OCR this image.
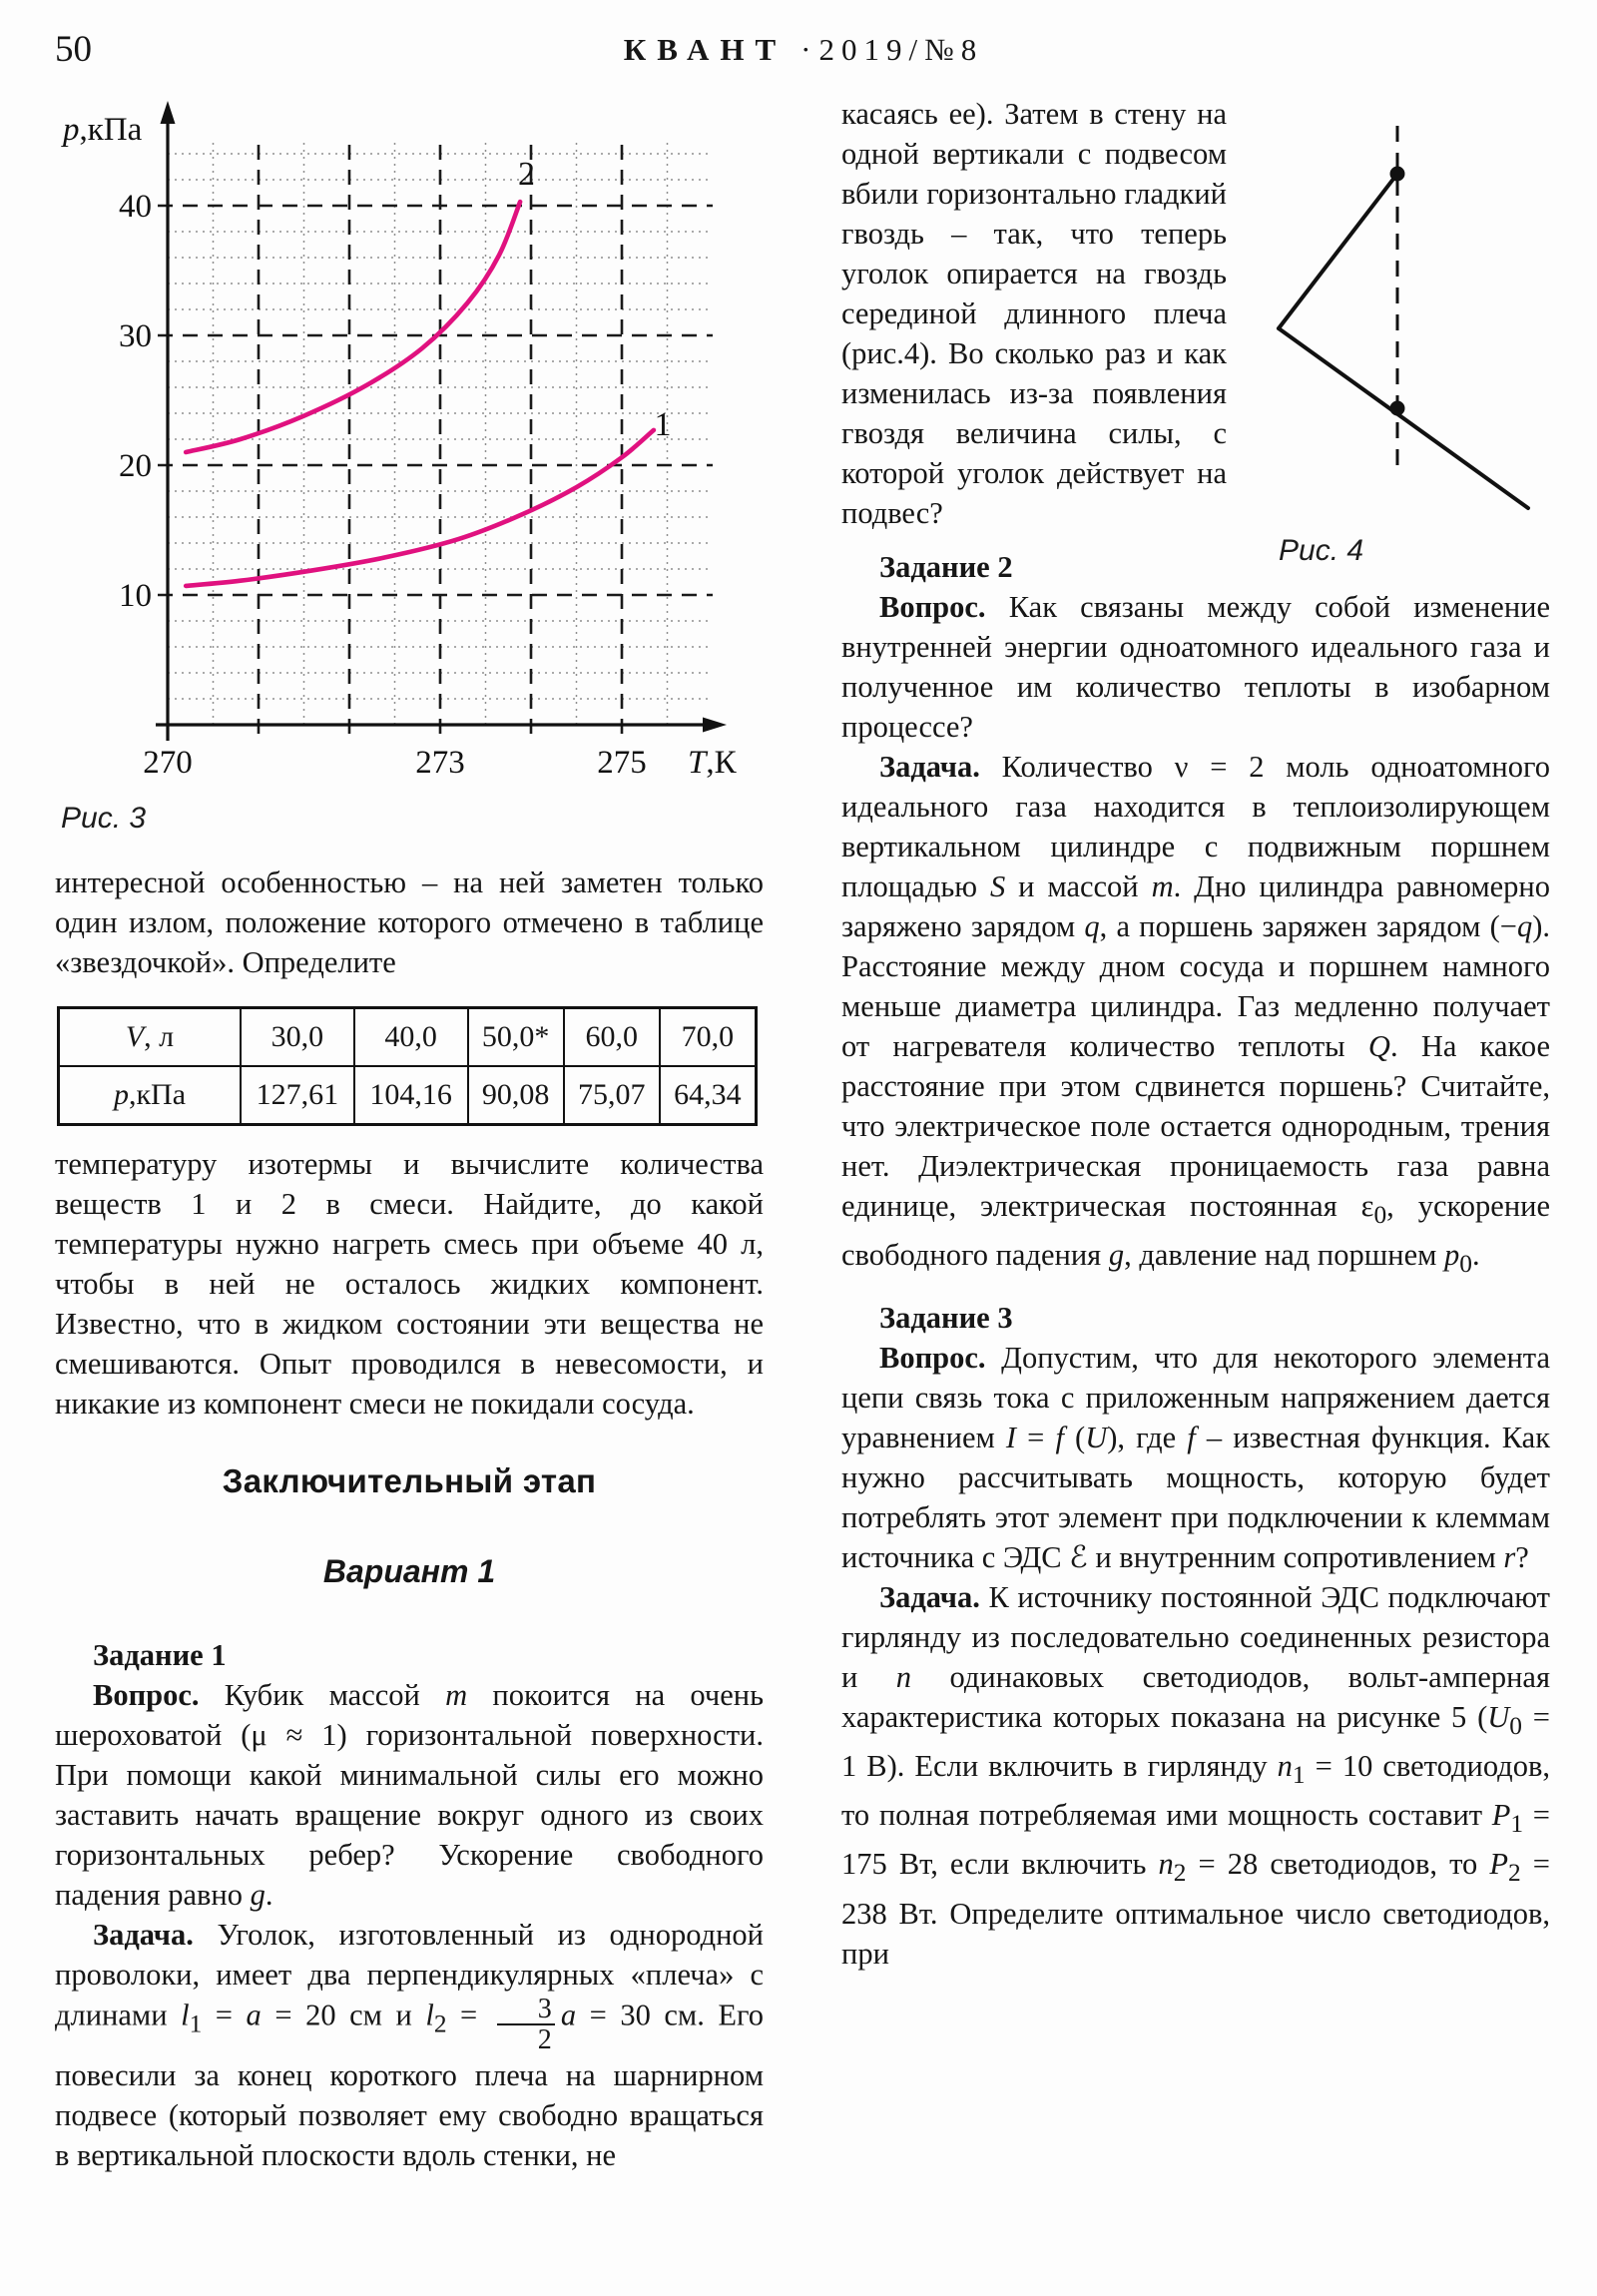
50	КВАНТ · 2019/№8
10
20
30
40
270	273	275
p,кПа
T,К
1
2
Рис. 3

интересной особенностью – на ней заметен только один излом, положение которого отмечено в таблице «звездочкой». Определите

V, л	30,0	40,0	50,0*	60,0	70,0
p,кПа	127,61	104,16	90,08	75,07	64,34

температуру изотермы и вычислите количества веществ 1 и 2 в смеси. Найдите, до какой температуры нужно нагреть смесь при объеме 40 л, чтобы в ней не осталось жидких компонент. Известно, что в жидком состоянии эти вещества не смешиваются. Опыт проводился в невесомости, и никакие из компонент смеси не покидали сосуда.

Заключительный этап
Вариант 1

Задание 1

Вопрос. Кубик массой m покоится на очень шероховатой (μ ≈ 1) горизонтальной поверхности. При помощи какой минимальной силы его можно заставить начать вращение вокруг одного из своих горизонтальных ребер? Ускорение свободного падения равно g.

Задача. Уголок, изготовленный из однородной проволоки, имеет два перпендикулярных «плеча» с длинами $l_1 = a = 20$ см и $l_2 = \frac{3}{2}$ a = 30 см. Его повесили за конец короткого плеча на шарнирном подвесе (который позволяет ему свободно вращаться в вертикальной плоскости вдоль стенки, не

Рис. 4

касаясь ее). Затем в стену на одной вертикали с подвесом вбили горизонтально гладкий гвоздь – так, что теперь уголок опирается на гвоздь серединой длинного плеча (рис.4). Во сколько раз и как изменилась из-за появления гвоздя величина силы, с которой уголок действует на подвес?

Задание 2

Вопрос. Как связаны между собой изменение внутренней энергии одноатомного идеального газа и полученное им количество теплоты в изобарном процессе?

Задача. Количество ν = 2 моль одноатомного идеального газа находится в теплоизолирующем вертикальном цилиндре с подвижным поршнем площадью S и массой m. Дно цилиндра равномерно заряжено зарядом q, а поршень заряжен зарядом (−q). Расстояние между дном сосуда и поршнем намного меньше диаметра цилиндра. Газ медленно получает от нагревателя количество теплоты Q. На какое расстояние при этом сдвинется поршень? Считайте, что электрическое поле остается однородным, трения нет. Диэлектрическая проницаемость газа равна единице, электрическая постоянная $\varepsilon_0$, ускорение свободного падения g, давление над поршнем $p_0$.

Задание 3

Вопрос. Допустим, что для некоторого элемента цепи связь тока с приложенным напряжением дается уравнением I = f (U), где f – известная функция. Как нужно рассчитывать мощность, которую будет потреблять этот элемент при подключении к клеммам источника с ЭДС ℰ и внутренним сопротивлением r?

Задача. К источнику постоянной ЭДС подключают гирлянду из последовательно соединенных резистора и n одинаковых светодиодов, вольт-амперная характеристика которых показана на рисунке 5 ($U_0 = 1$ В). Если включить в гирлянду $n_1 = 10$ светодиодов, то полная потребляемая ими мощность составит $P_1 = 175$ Вт, если включить $n_2 = 28$ светодиодов, то $P_2 = 238$ Вт. Определите оптимальное число светодиодов, при
